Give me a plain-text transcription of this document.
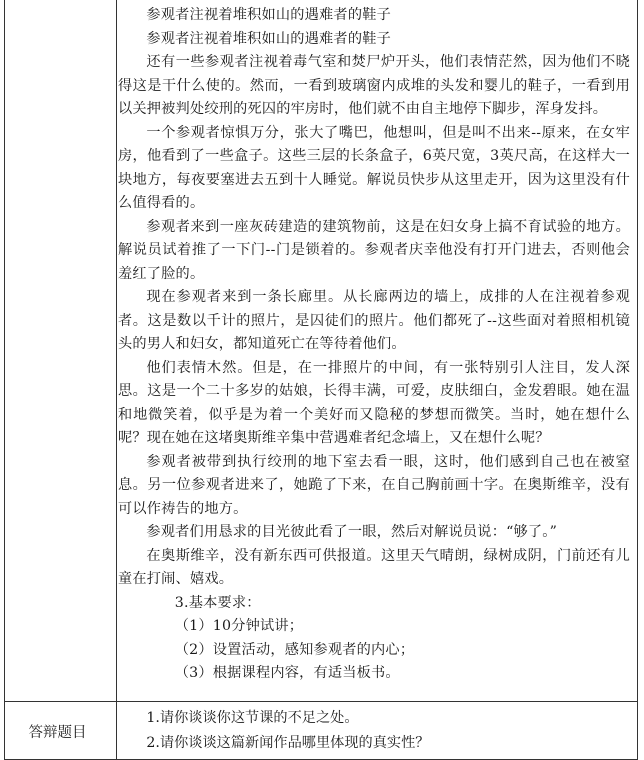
参观者注视着堆积如山的遇难者的鞋子

参观者注视着堆积如山的遇难者的鞋子

还有一些参观者注视着毒气室和焚尸炉开头，他们表情茫然，因为他们不晓得这是干什么使的。然而，一看到玻璃窗内成堆的头发和婴儿的鞋子，一看到用以关押被判处绞刑的死囚的牢房时，他们就不由自主地停下脚步，浑身发抖。

一个参观者惊惧万分，张大了嘴巴，他想叫，但是叫不出来--原来，在女牢房，他看到了一些盒子。这些三层的长条盒子，6英尺宽，3英尺高，在这样大一块地方，每夜要塞进去五到十人睡觉。解说员快步从这里走开，因为这里没有什么值得看的。

参观者来到一座灰砖建造的建筑物前，这是在妇女身上搞不育试验的地方。解说员试着推了一下门--门是锁着的。参观者庆幸他没有打开门进去，否则他会羞红了脸的。

现在参观者来到一条长廊里。从长廊两边的墙上，成排的人在注视着参观者。这是数以千计的照片，是囚徒们的照片。他们都死了--这些面对着照相机镜头的男人和妇女，都知道死亡在等待着他们。

他们表情木然。但是，在一排照片的中间，有一张特别引人注目，发人深思。这是一个二十多岁的姑娘，长得丰满，可爱，皮肤细白，金发碧眼。她在温和地微笑着，似乎是为着一个美好而又隐秘的梦想而微笑。当时，她在想什么呢？现在她在这堵奥斯维辛集中营遇难者纪念墙上，又在想什么呢？

参观者被带到执行绞刑的地下室去看一眼，这时，他们感到自己也在被窒息。另一位参观者进来了，她跪了下来，在自己胸前画十字。在奥斯维辛，没有可以作祷告的地方。

参观者们用恳求的目光彼此看了一眼，然后对解说员说：“够了。”

在奥斯维辛，没有新东西可供报道。这里天气晴朗，绿树成阴，门前还有儿童在打闹、嬉戏。

3.基本要求：

（1）10分钟试讲；

（2）设置活动，感知参观者的内心；

（3）根据课程内容，有适当板书。

答辩题目

1.请你谈谈你这节课的不足之处。

2.请你谈谈这篇新闻作品哪里体现的真实性？
